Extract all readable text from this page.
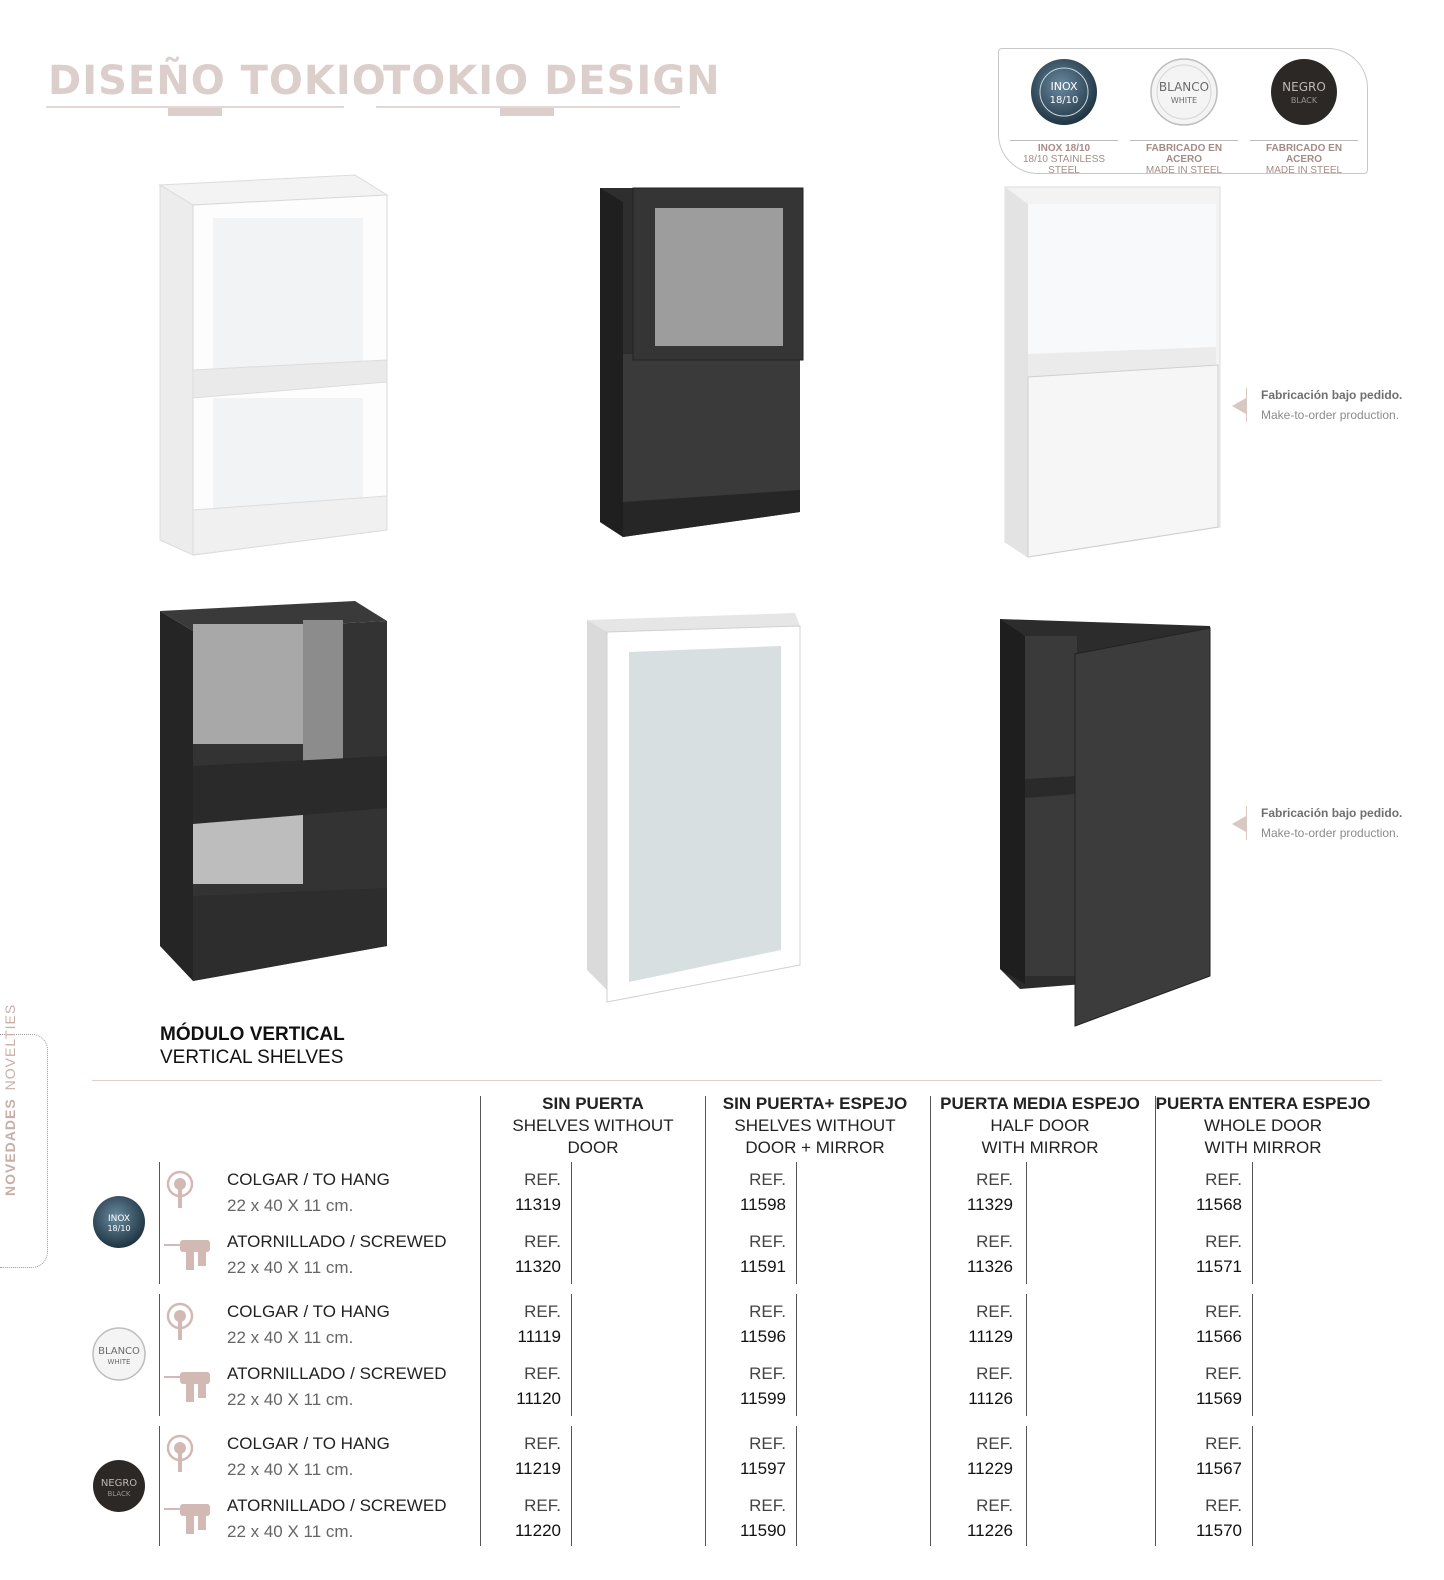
DISEÑO TOKIO
TOKIO DESIGN	INOX
18/10
INOX 18/10
18/10 STAINLESS STEEL
BLANCO
WHITE
FABRICADO EN ACERO
MADE IN STEEL
NEGRO
BLACK
FABRICADO EN ACERO
MADE IN STEEL
Fabricación bajo pedido.
Make-to-order production.
Fabricación bajo pedido.
Make-to-order production.
MÓDULO VERTICAL
VERTICAL SHELVES
NOVEDADESNOVELTIES
SIN PUERTA
SHELVES WITHOUT
DOOR
SIN PUERTA+ ESPEJO
SHELVES WITHOUT
DOOR + MIRROR
PUERTA MEDIA ESPEJO
HALF DOOR
WITH MIRROR
PUERTA ENTERA ESPEJO
WHOLE DOOR
WITH MIRROR
INOX
18/10
BLANCO
WHITE
NEGRO
BLACK
COLGAR / TO HANG
22 x 40 X 11 cm.
ATORNILLADO / SCREWED
22 x 40 X 11 cm.
COLGAR / TO HANG
22 x 40 X 11 cm.
ATORNILLADO / SCREWED
22 x 40 X 11 cm.
COLGAR / TO HANG
22 x 40 X 11 cm.
ATORNILLADO / SCREWED
22 x 40 X 11 cm.
REF.
11319
REF.
11598
REF.
11329
REF.
11568
REF.
11320
REF.
11591
REF.
11326
REF.
11571
REF.
11119
REF.
11596
REF.
11129
REF.
11566
REF.
11120
REF.
11599
REF.
11126
REF.
11569
REF.
11219
REF.
11597
REF.
11229
REF.
11567
REF.
11220
REF.
11590
REF.
11226
REF.
11570
